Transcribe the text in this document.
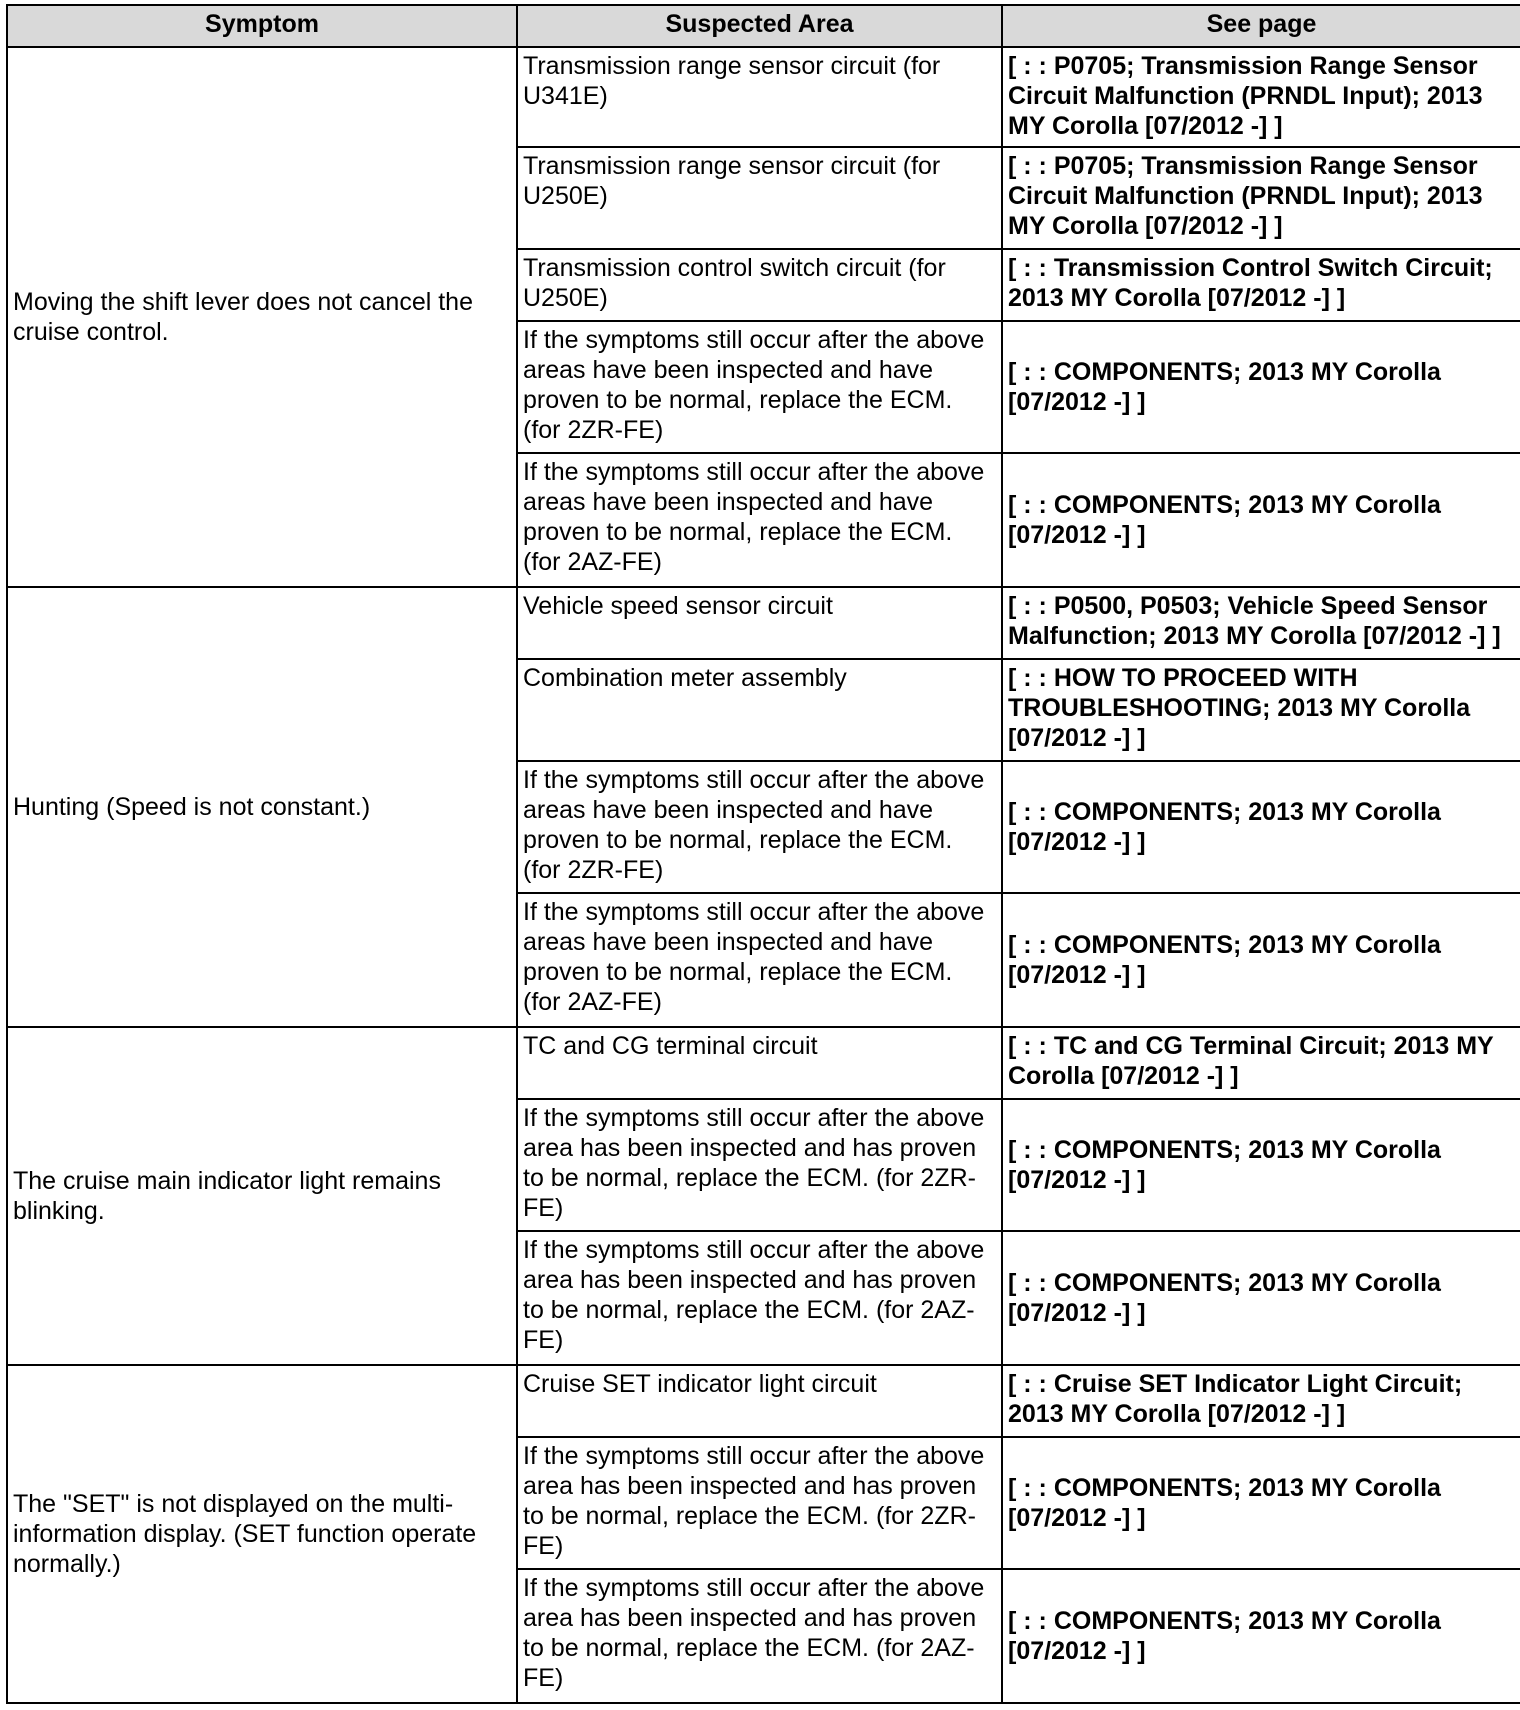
Symptom	Suspected Area	See page
Moving the shift lever does not cancel the cruise control.	Transmission range sensor circuit (for U341E)	[ : : P0705; Transmission Range Sensor Circuit Malfunction (PRNDL Input); 2013 MY Corolla [07/2012 -] ]
	Transmission range sensor circuit (for U250E)	[ : : P0705; Transmission Range Sensor Circuit Malfunction (PRNDL Input); 2013 MY Corolla [07/2012 -] ]
	Transmission control switch circuit (for U250E)	[ : : Transmission Control Switch Circuit; 2013 MY Corolla [07/2012 -] ]
	If the symptoms still occur after the above areas have been inspected and have proven to be normal, replace the ECM. (for 2ZR-FE)	[ : : COMPONENTS; 2013 MY Corolla [07/2012 -] ]
	If the symptoms still occur after the above areas have been inspected and have proven to be normal, replace the ECM. (for 2AZ-FE)	[ : : COMPONENTS; 2013 MY Corolla [07/2012 -] ]
Hunting (Speed is not constant.)	Vehicle speed sensor circuit	[ : : P0500, P0503; Vehicle Speed Sensor Malfunction; 2013 MY Corolla [07/2012 -] ]
	Combination meter assembly	[ : : HOW TO PROCEED WITH TROUBLESHOOTING; 2013 MY Corolla [07/2012 -] ]
	If the symptoms still occur after the above areas have been inspected and have proven to be normal, replace the ECM. (for 2ZR-FE)	[ : : COMPONENTS; 2013 MY Corolla [07/2012 -] ]
	If the symptoms still occur after the above areas have been inspected and have proven to be normal, replace the ECM. (for 2AZ-FE)	[ : : COMPONENTS; 2013 MY Corolla [07/2012 -] ]
The cruise main indicator light remains blinking.	TC and CG terminal circuit	[ : : TC and CG Terminal Circuit; 2013 MY Corolla [07/2012 -] ]
	If the symptoms still occur after the above area has been inspected and has proven to be normal, replace the ECM. (for 2ZR-FE)	[ : : COMPONENTS; 2013 MY Corolla [07/2012 -] ]
	If the symptoms still occur after the above area has been inspected and has proven to be normal, replace the ECM. (for 2AZ-FE)	[ : : COMPONENTS; 2013 MY Corolla [07/2012 -] ]
The "SET" is not displayed on the multi-information display. (SET function operate normally.)	Cruise SET indicator light circuit	[ : : Cruise SET Indicator Light Circuit; 2013 MY Corolla [07/2012 -] ]
	If the symptoms still occur after the above area has been inspected and has proven to be normal, replace the ECM. (for 2ZR-FE)	[ : : COMPONENTS; 2013 MY Corolla [07/2012 -] ]
	If the symptoms still occur after the above area has been inspected and has proven to be normal, replace the ECM. (for 2AZ-FE)	[ : : COMPONENTS; 2013 MY Corolla [07/2012 -] ]
